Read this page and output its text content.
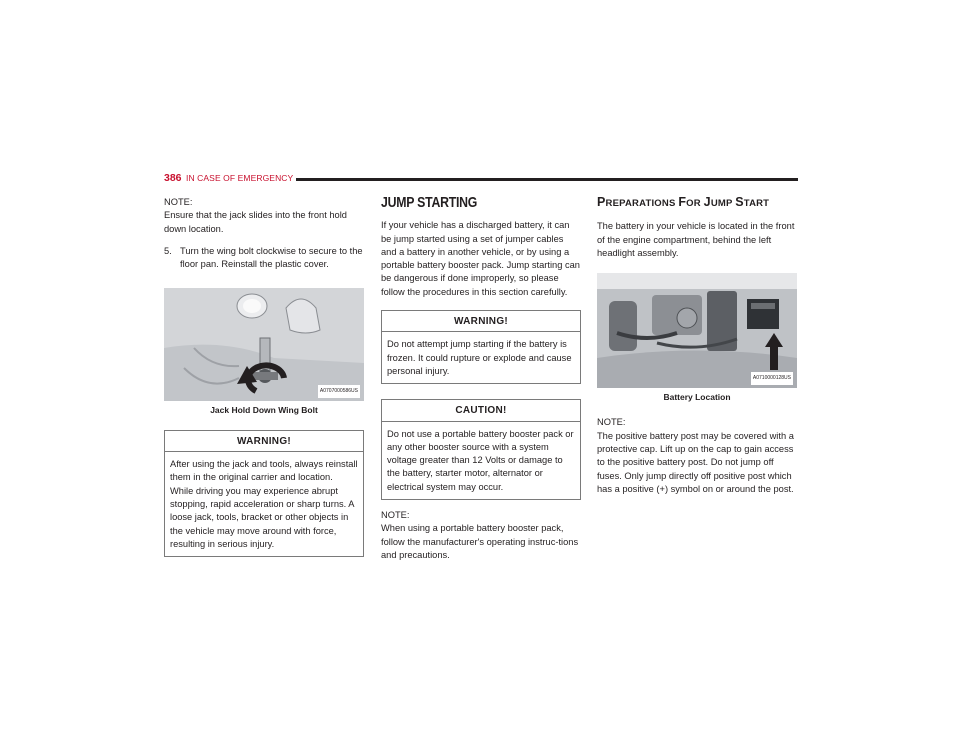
386 IN CASE OF EMERGENCY

NOTE:

Ensure that the jack slides into the front hold down location.

5. Turn the wing bolt clockwise to secure to the floor pan. Reinstall the plastic cover.
A0707000586US
Jack Hold Down Wing Bolt
WARNING!
After using the jack and tools, always reinstall them in the original carrier and location. While driving you may experience abrupt stopping, rapid acceleration or sharp turns. A loose jack, tools, bracket or other objects in the vehicle may move around with force, resulting in serious injury.
JUMP STARTING

If your vehicle has a discharged battery, it can be jump started using a set of jumper cables and a battery in another vehicle, or by using a portable battery booster pack. Jump starting can be dangerous if done improperly, so please follow the procedures in this section carefully.

WARNING!
Do not attempt jump starting if the battery is frozen. It could rupture or explode and cause personal injury.
CAUTION!
Do not use a portable battery booster pack or any other booster source with a system voltage greater than 12 Volts or damage to the battery, starter motor, alternator or electrical system may occur.

NOTE:

When using a portable battery booster pack, follow the manufacturer's operating instruc-tions and precautions.

PREPARATIONS FOR JUMP START

The battery in your vehicle is located in the front of the engine compartment, behind the left headlight assembly.

A0710000128US
Battery Location

NOTE:

The positive battery post may be covered with a protective cap. Lift up on the cap to gain access to the positive battery post. Do not jump off fuses. Only jump directly off positive post which has a positive (+) symbol on or around the post.
